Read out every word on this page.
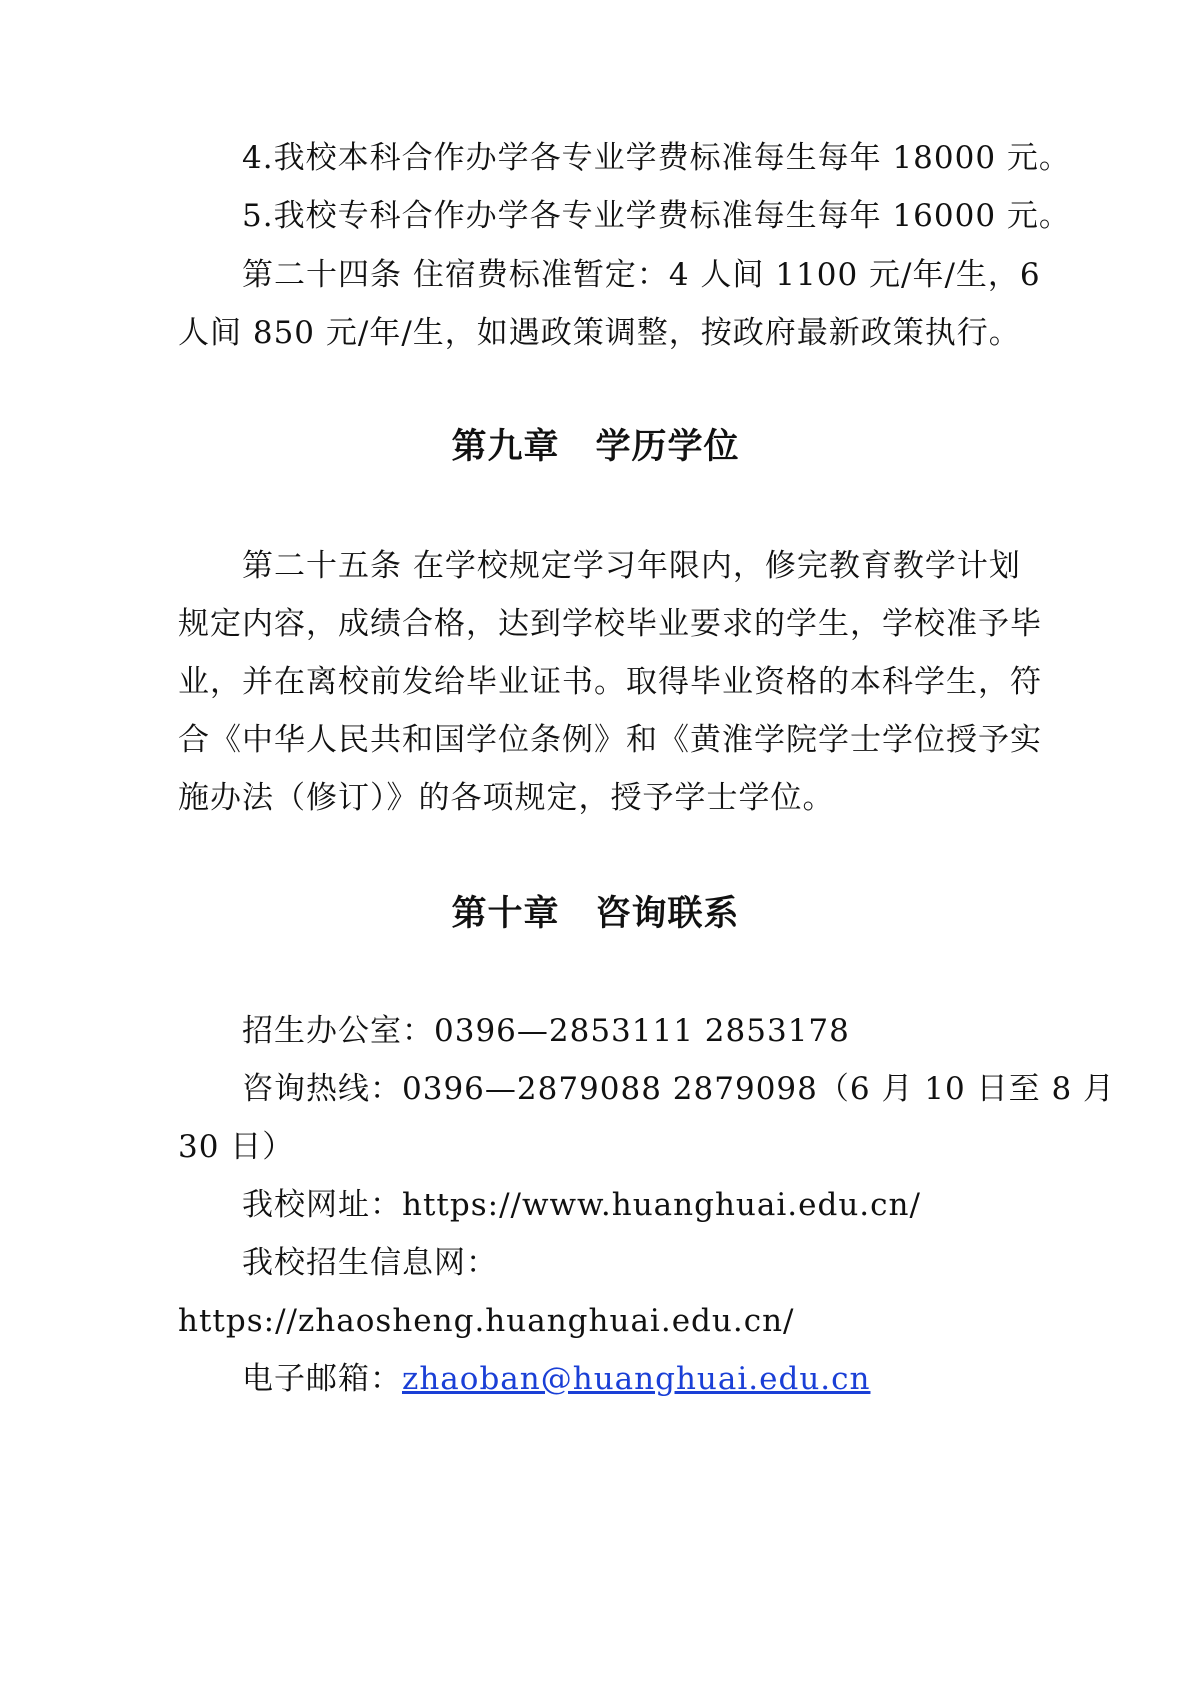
4.我校本科合作办学各专业学费标准每生每年 18000 元。
5.我校专科合作办学各专业学费标准每生每年 16000 元。
第二十四条 住宿费标准暂定：4 人间 1100 元/年/生，6
人间 850 元/年/生，如遇政策调整，按政府最新政策执行。
第九章 学历学位
第二十五条 在学校规定学习年限内，修完教育教学计划
规定内容，成绩合格，达到学校毕业要求的学生，学校准予毕
业，并在离校前发给毕业证书。取得毕业资格的本科学生，符
合《中华人民共和国学位条例》和《黄淮学院学士学位授予实
施办法（修订）》的各项规定，授予学士学位。
第十章 咨询联系
招生办公室：0396—2853111 2853178
咨询热线：0396—2879088 2879098（6 月 10 日至 8 月
30 日）
我校网址：https://www.huanghuai.edu.cn/
我校招生信息网：
https://zhaosheng.huanghuai.edu.cn/
电子邮箱：zhaoban@huanghuai.edu.cn
